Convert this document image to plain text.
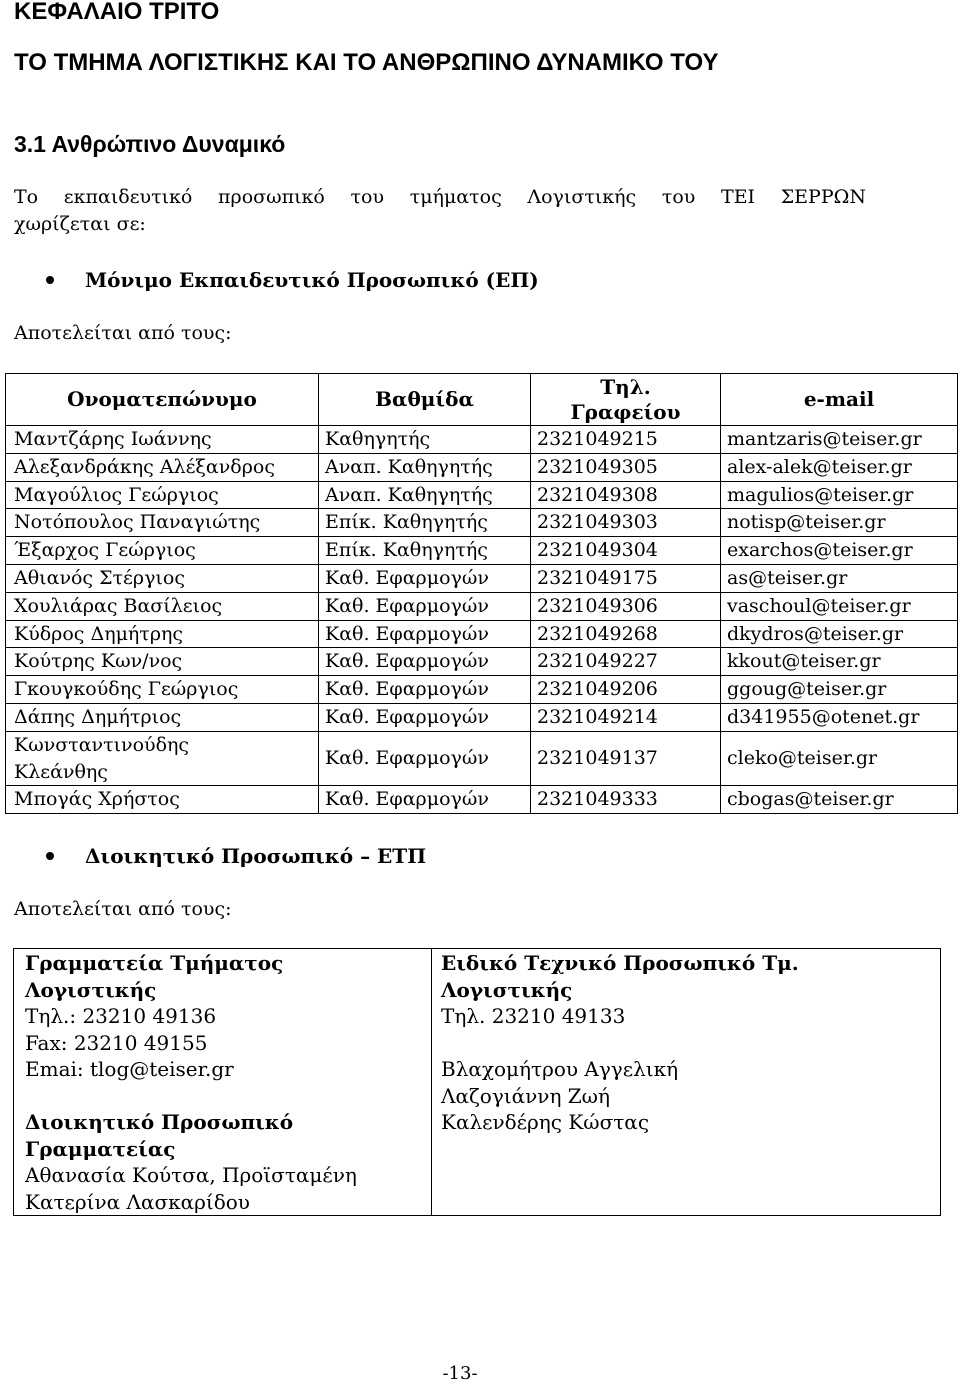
ΚΕΦΑΛΑΙΟ ΤΡΙΤΟ
ΤΟ ΤΜΗΜΑ ΛΟΓΙΣΤΙΚΗΣ ΚΑΙ ΤΟ ΑΝΘΡΩΠΙΝΟ ΔΥΝΑΜΙΚΟ ΤΟΥ
3.1 Ανθρώπινο Δυναμικό

Το εκπαιδευτικό προσωπικό του τμήματος Λογιστικής του ΤΕΙ ΣΕΡΡΩΝ
χωρίζεται σε:

Μόνιμο Εκπαιδευτικό Προσωπικό (ΕΠ)
Αποτελείται από τους:
Ονοματεπώνυμο	Βαθμίδα	Τηλ. Γραφείου	e-mail
Μαντζάρης Ιωάννης	Καθηγητής	2321049215	mantzaris@teiser.gr
Αλεξανδράκης Αλέξανδρος	Αναπ. Καθηγητής	2321049305	alex-alek@teiser.gr
Μαγούλιος Γεώργιος	Αναπ. Καθηγητής	2321049308	magulios@teiser.gr
Νοτόπουλος Παναγιώτης	Επίκ. Καθηγητής	2321049303	notisp@teiser.gr
Έξαρχος Γεώργιος	Επίκ. Καθηγητής	2321049304	exarchos@teiser.gr
Αθιανός Στέργιος	Καθ. Εφαρμογών	2321049175	as@teiser.gr
Χουλιάρας Βασίλειος	Καθ. Εφαρμογών	2321049306	vaschoul@teiser.gr
Κύδρος Δημήτρης	Καθ. Εφαρμογών	2321049268	dkydros@teiser.gr
Κούτρης Κων/νος	Καθ. Εφαρμογών	2321049227	kkout@teiser.gr
Γκουγκούδης Γεώργιος	Καθ. Εφαρμογών	2321049206	ggoug@teiser.gr
Δάπης Δημήτριος	Καθ. Εφαρμογών	2321049214	d341955@otenet.gr
Κωνσταντινούδης Κλεάνθης	Καθ. Εφαρμογών	2321049137	cleko@teiser.gr
Μπογάς Χρήστος	Καθ. Εφαρμογών	2321049333	cbogas@teiser.gr
Διοικητικό Προσωπικό – ΕΤΠ
Αποτελείται από τους:
Γραμματεία Τμήματος Λογιστικής
Τηλ.: 23210 49136
Fax: 23210 49155
Emai: tlog@teiser.gr
Διοικητικό Προσωπικό Γραμματείας
Αθανασία Κούτσα, Προϊσταμένη
Κατερίνα Λασκαρίδου
Ειδικό Τεχνικό Προσωπικό Τμ. Λογιστικής
Τηλ. 23210 49133
Βλαχομήτρου Αγγελική
Λαζογιάννη Ζωή
Καλενδέρης Κώστας
-13-
